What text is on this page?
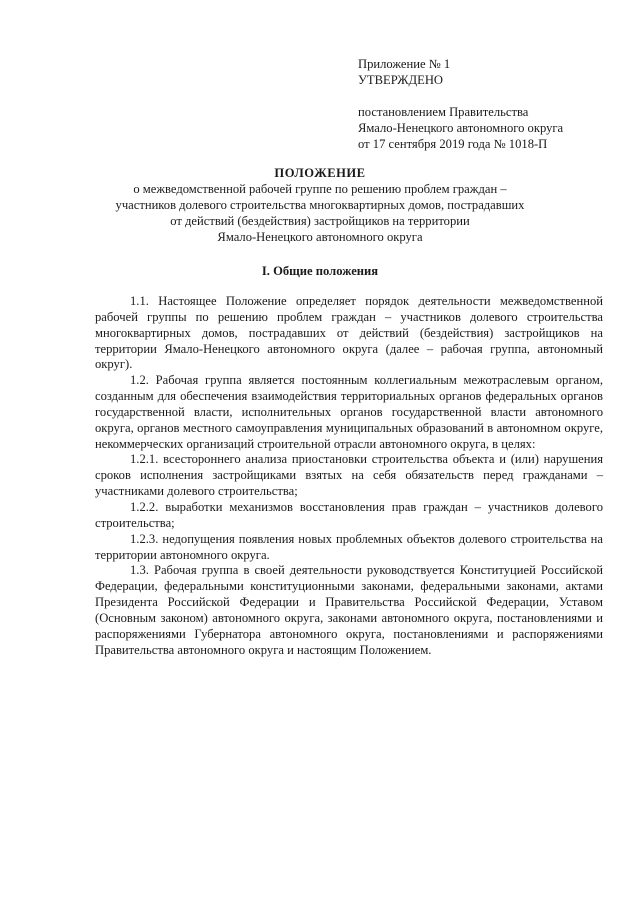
Приложение № 1
УТВЕРЖДЕНО
постановлением Правительства
Ямало-Ненецкого автономного округа
от 17 сентября 2019 года № 1018-П
ПОЛОЖЕНИЕ
о межведомственной рабочей группе по решению проблем граждан –
участников долевого строительства многоквартирных домов, пострадавших
от действий (бездействия) застройщиков на территории
Ямало-Ненецкого автономного округа
I. Общие положения

1.1. Настоящее Положение определяет порядок деятельности межведомственной рабочей группы по решению проблем граждан – участников долевого строительства многоквартирных домов, пострадавших от действий (бездействия) застройщиков на территории Ямало-Ненецкого автономного округа (далее – рабочая группа, автономный округ).

1.2. Рабочая группа является постоянным коллегиальным межотраслевым органом, созданным для обеспечения взаимодействия территориальных органов федеральных органов государственной власти, исполнительных органов государственной власти автономного округа, органов местного самоуправления муниципальных образований в автономном округе, некоммерческих организаций строительной отрасли автономного округа, в целях:

1.2.1. всестороннего анализа приостановки строительства объекта и (или) нарушения сроков исполнения застройщиками взятых на себя обязательств перед гражданами – участниками долевого строительства;

1.2.2. выработки механизмов восстановления прав граждан – участников долевого строительства;

1.2.3. недопущения появления новых проблемных объектов долевого строительства на территории автономного округа.

1.3. Рабочая группа в своей деятельности руководствуется Конституцией Российской Федерации, федеральными конституционными законами, федеральными законами, актами Президента Российской Федерации и Правительства Российской Федерации, Уставом (Основным законом) автономного округа, законами автономного округа, постановлениями и распоряжениями Губернатора автономного округа, постановлениями и распоряжениями Правительства автономного округа и настоящим Положением.
